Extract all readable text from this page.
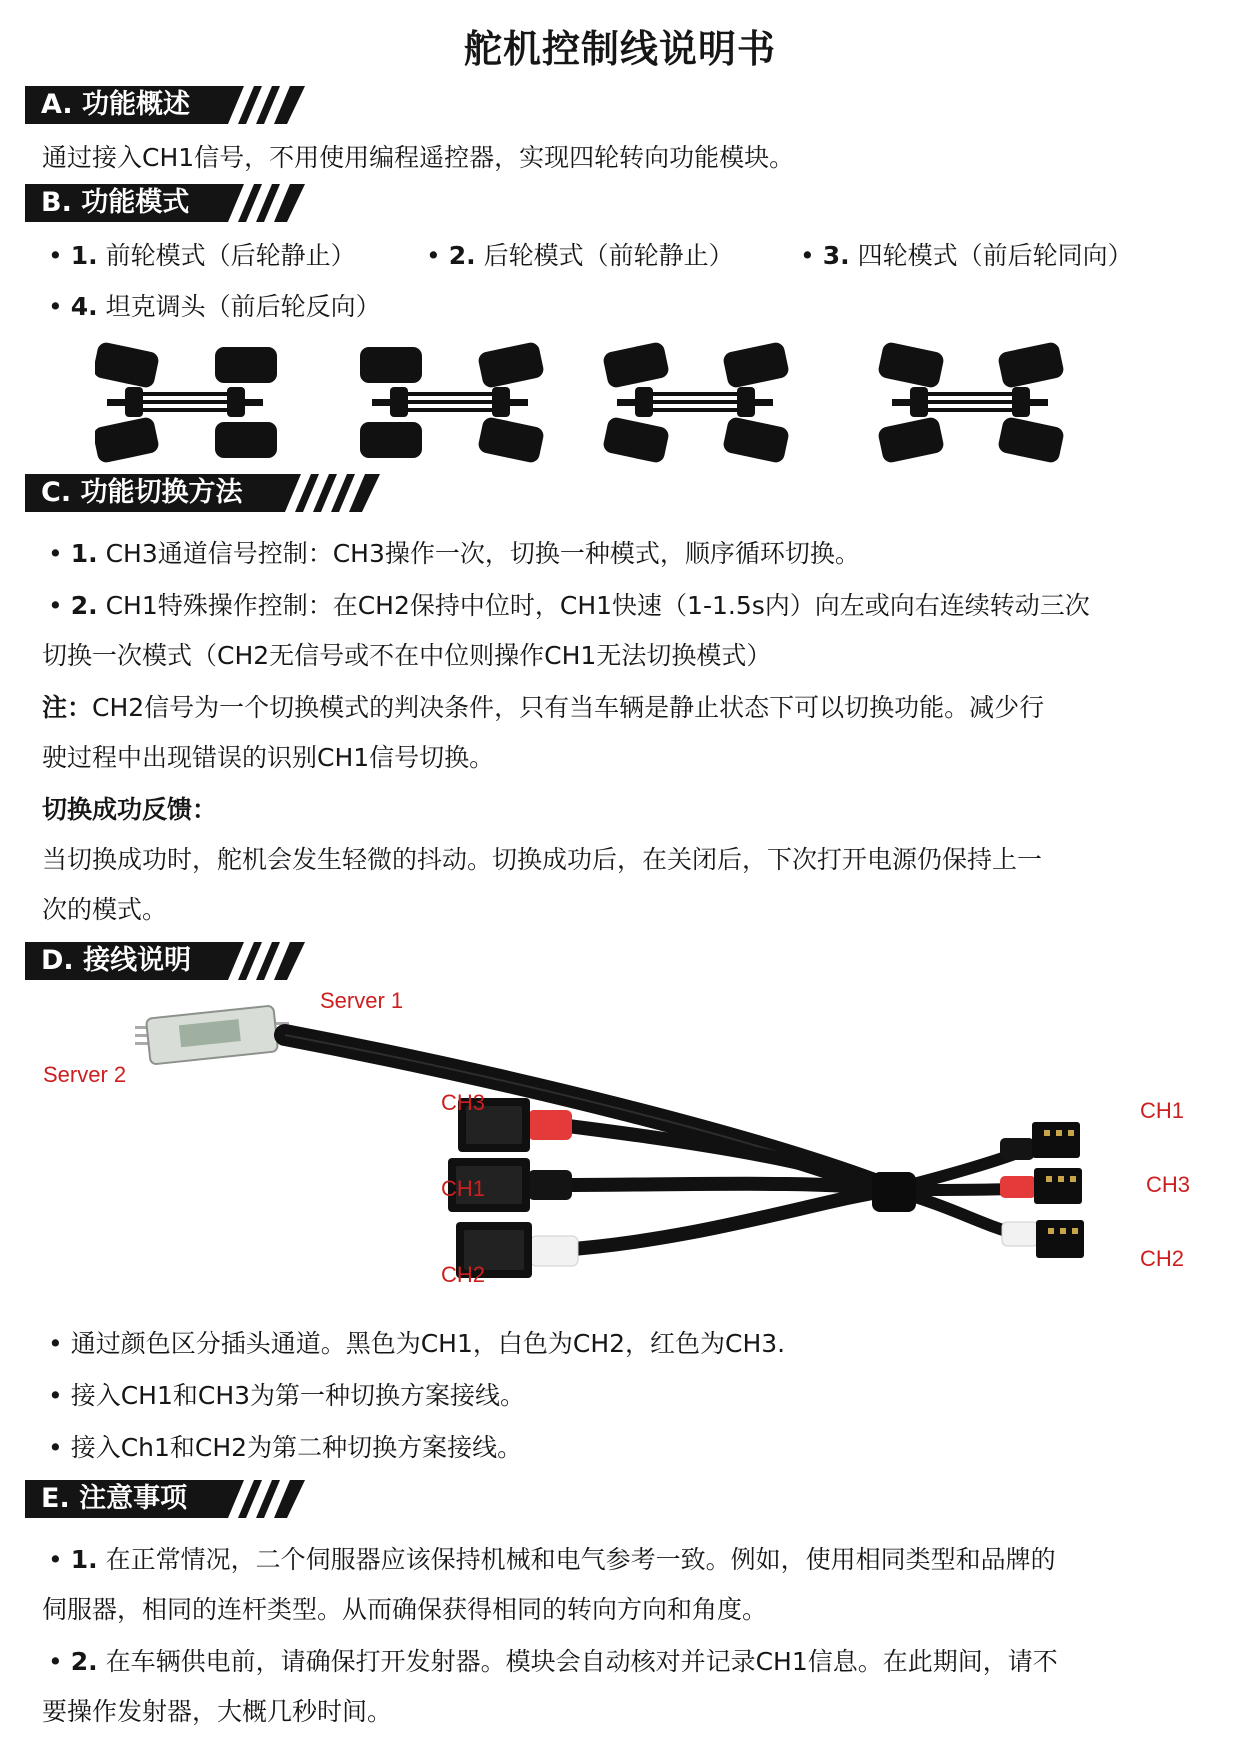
舵机控制线说明书
A. 功能概述
通过接入CH1信号，不用使用编程遥控器，实现四轮转向功能模块。
B. 功能模式
• 1. 前轮模式（后轮静止）	• 2. 后轮模式（前轮静止）	• 3. 四轮模式（前后轮同向）
• 4. 坦克调头（前后轮反向）
C. 功能切换方法
• 1. CH3通道信号控制：CH3操作一次，切换一种模式，顺序循环切换。
• 2. CH1特殊操作控制：在CH2保持中位时，CH1快速（1-1.5s内）向左或向右连续转动三次
切换一次模式（CH2无信号或不在中位则操作CH1无法切换模式）
注：CH2信号为一个切换模式的判决条件，只有当车辆是静止状态下可以切换功能。减少行
驶过程中出现错误的识别CH1信号切换。
切换成功反馈：
当切换成功时，舵机会发生轻微的抖动。切换成功后，在关闭后，下次打开电源仍保持上一
次的模式。
D. 接线说明
Server 1
Server 2
CH3
CH1
CH2
CH1
CH3
CH2
• 通过颜色区分插头通道。黑色为CH1，白色为CH2，红色为CH3.
• 接入CH1和CH3为第一种切换方案接线。
• 接入Ch1和CH2为第二种切换方案接线。
E. 注意事项
• 1. 在正常情况，二个伺服器应该保持机械和电气参考一致。例如，使用相同类型和品牌的
伺服器，相同的连杆类型。从而确保获得相同的转向方向和角度。
• 2. 在车辆供电前，请确保打开发射器。模块会自动核对并记录CH1信息。在此期间，请不
要操作发射器，大概几秒时间。
